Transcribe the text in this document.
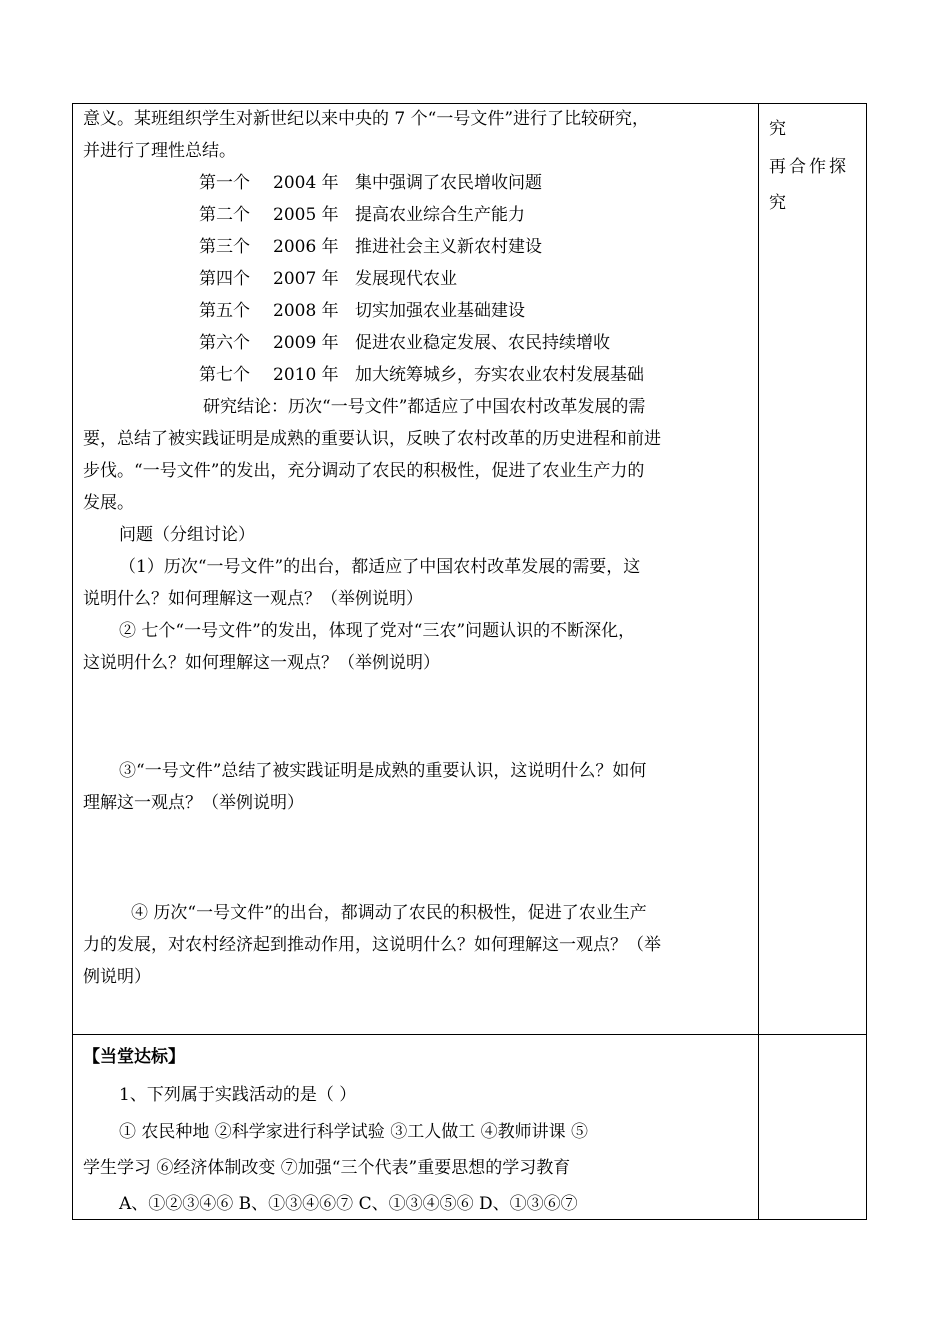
意义。某班组织学生对新世纪以来中央的 7 个“一号文件”进行了比较研究，
并进行了理性总结。
第一个 2004 年 集中强调了农民增收问题
第二个 2005 年 提高农业综合生产能力
第三个 2006 年 推进社会主义新农村建设
第四个 2007 年 发展现代农业
第五个 2008 年 切实加强农业基础建设
第六个 2009 年 促进农业稳定发展、农民持续增收
第七个 2010 年 加大统筹城乡，夯实农业农村发展基础
研究结论：历次“一号文件”都适应了中国农村改革发展的需
要，总结了被实践证明是成熟的重要认识，反映了农村改革的历史进程和前进
步伐。“一号文件”的发出，充分调动了农民的积极性，促进了农业生产力的
发展。
问题（分组讨论）
（1）历次“一号文件”的出台，都适应了中国农村改革发展的需要，这
说明什么？如何理解这一观点？（举例说明）
② 七个“一号文件”的发出，体现了党对“三农”问题认识的不断深化，
这说明什么？如何理解这一观点？（举例说明）
③“一号文件”总结了被实践证明是成熟的重要认识，这说明什么？如何
理解这一观点？（举例说明）
④ 历次“一号文件”的出台，都调动了农民的积极性，促进了农业生产
力的发展，对农村经济起到推动作用，这说明什么？如何理解这一观点？（举
例说明）
究
再合作探
究
【当堂达标】
1、下列属于实践活动的是（ ）
① 农民种地 ②科学家进行科学试验 ③工人做工 ④教师讲课 ⑤
学生学习 ⑥经济体制改变 ⑦加强“三个代表”重要思想的学习教育
A、①②③④⑥ B、①③④⑥⑦ C、①③④⑤⑥ D、①③⑥⑦
